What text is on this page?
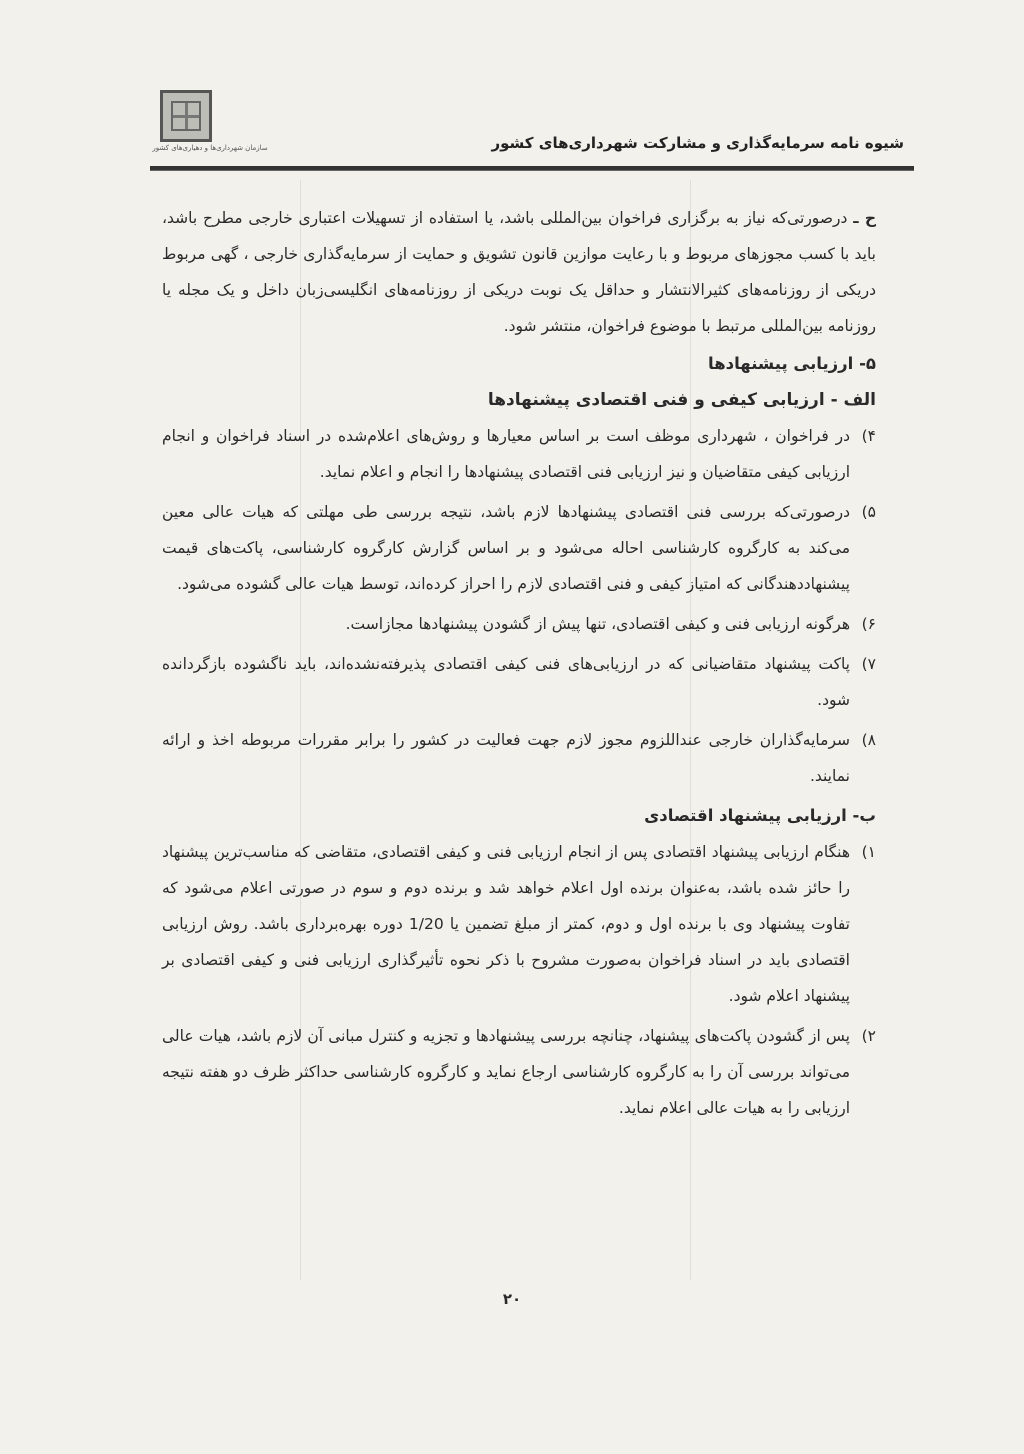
سازمان شهرداری‌ها و دهیاری‌های کشور	شیوه نامه سرمایه‌گذاری و مشارکت شهرداری‌های کشور

ح ـ درصورتی‌که نیاز به برگزاری فراخوان بین‌المللی باشد، یا استفاده از تسهیلات اعتباری خارجی مطرح باشد، باید با کسب مجوزهای مربوط و با رعایت موازین قانون تشویق و حمایت از سرمایه‌گذاری خارجی ، گهی مربوط دریکی از روزنامه‌های کثیرالانتشار و حداقل یک نوبت دریکی از روزنامه‌های انگلیسی‌زبان داخل و یک مجله یا روزنامه بین‌المللی مرتبط با موضوع فراخوان، منتشر شود.

۵- ارزیابی پیشنهادها

الف - ارزیابی کیفی و فنی اقتصادی پیشنهادها

۴)
در فراخوان ، شهرداری موظف است بر اساس معیارها و روش‌های اعلام‌شده در اسناد فراخوان و انجام ارزیابی کیفی متقاضیان و نیز ارزیابی فنی اقتصادی پیشنهادها را انجام و اعلام نماید.
۵)
درصورتی‌که بررسی فنی اقتصادی پیشنهادها لازم باشد، نتیجه بررسی طی مهلتی که هیات عالی معین می‌کند به کارگروه کارشناسی احاله می‌شود و بر اساس گزارش کارگروه کارشناسی، پاکت‌های قیمت پیشنهاددهندگانی که امتیاز کیفی و فنی اقتصادی لازم را احراز کرده‌اند، توسط هیات عالی گشوده می‌شود.
۶)
هرگونه ارزیابی فنی و کیفی اقتصادی، تنها پیش از گشودن پیشنهادها مجازاست.
۷)
پاکت پیشنهاد متقاضیانی که در ارزیابی‌های فنی کیفی اقتصادی پذیرفته‌نشده‌اند، باید ناگشوده بازگردانده شود.
۸)
سرمایه‌گذاران خارجی عنداللزوم مجوز لازم جهت فعالیت در کشور را برابر مقررات مربوطه اخذ و ارائه نمایند.

ب- ارزیابی پیشنهاد اقتصادی

۱)
هنگام ارزیابی پیشنهاد اقتصادی پس از انجام ارزیابی فنی و کیفی اقتصادی، متقاضی که مناسب‌ترین پیشنهاد را حائز شده باشد، به‌عنوان برنده اول اعلام خواهد شد و برنده دوم و سوم در صورتی اعلام می‌شود که تفاوت پیشنهاد وی با برنده اول و دوم، کمتر از مبلغ تضمین یا 1/20 دوره بهره‌برداری باشد. روش ارزیابی اقتصادی باید در اسناد فراخوان به‌صورت مشروح با ذکر نحوه تأثیرگذاری ارزیابی فنی و کیفی اقتصادی بر پیشنهاد اعلام شود.
۲)
پس از گشودن پاکت‌های پیشنهاد، چنانچه بررسی پیشنهادها و تجزیه و کنترل مبانی آن لازم باشد، هیات عالی می‌تواند بررسی آن را به کارگروه کارشناسی ارجاع نماید و کارگروه کارشناسی حداکثر ظرف دو هفته نتیجه ارزیابی را به هیات عالی اعلام نماید.
۲۰
